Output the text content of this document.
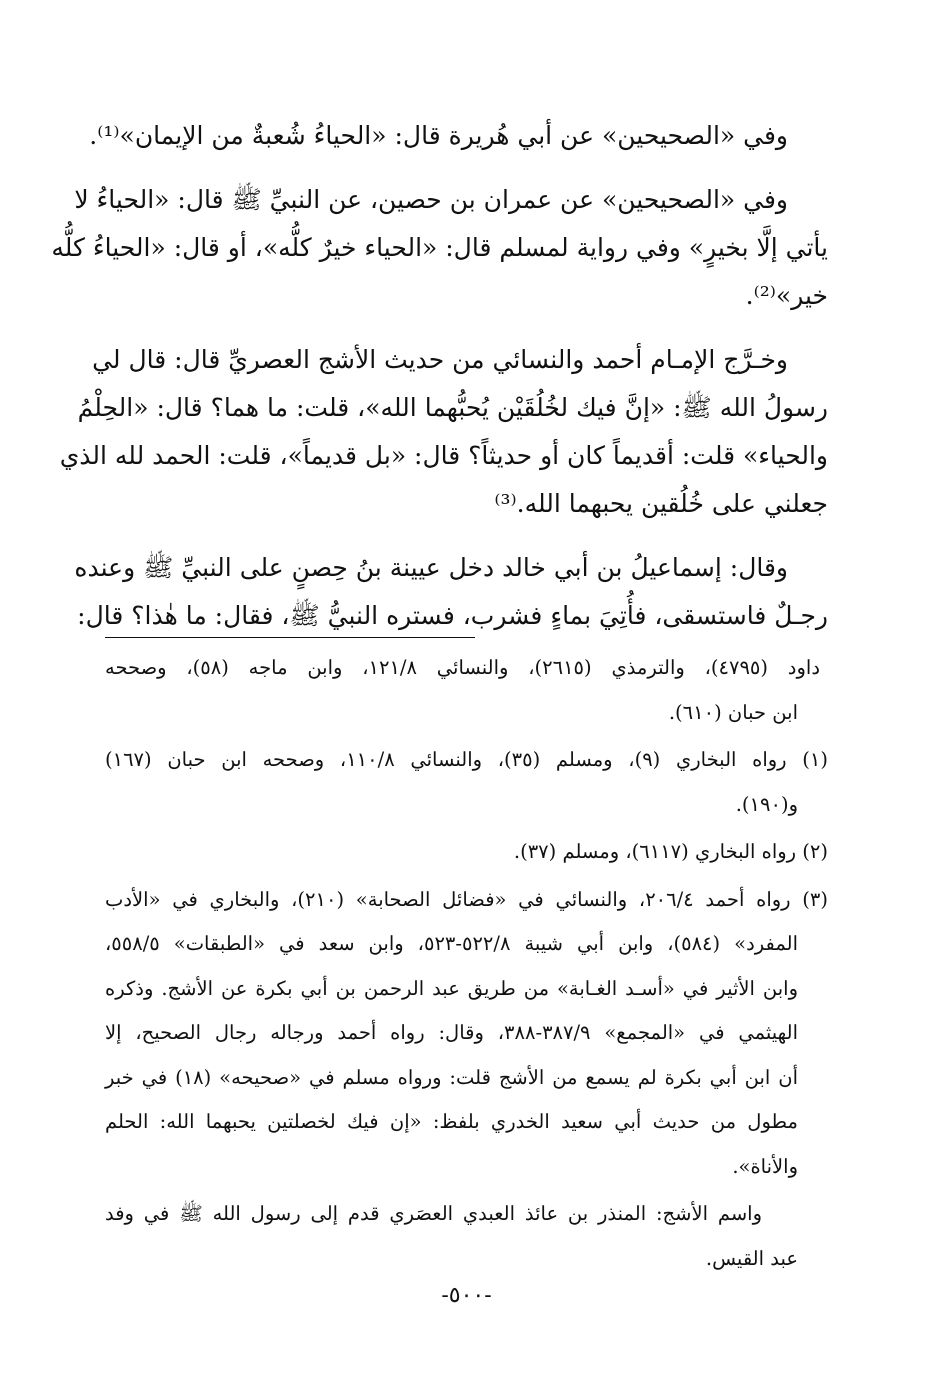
وفي «الصحيحين» عن أبي هُريرة قال: «الحياءُ شُعبةٌ من الإيمان»⁽¹⁾.
وفي «الصحيحين» عن عمران بن حصين، عن النبيِّ ﷺ قال: «الحياءُ لا
يأتي إلَّا بخيرٍ» وفي رواية لمسلم قال: «الحياء خيرٌ كلُّه»، أو قال: «الحياءُ كلُّه
خير»⁽²⁾.
وخـرَّج الإمـام أحمد والنسائي من حديث الأشج العصريِّ قال: قال لي
رسولُ الله ﷺ: «إنَّ فيك لخُلُقَيْن يُحبُّهما الله»، قلت: ما هما؟ قال: «الحِلْمُ
والحياء» قلت: أقديماً كان أو حديثاً؟ قال: «بل قديماً»، قلت: الحمد لله الذي
جعلني على خُلُقين يحبهما الله.⁽³⁾
وقال: إسماعيلُ بن أبي خالد دخل عيينة بنُ حِصنٍ على النبيِّ ﷺ وعنده
رجـلٌ فاستسقى، فأُتِيَ بماءٍ فشرب، فستره النبيُّ ﷺ، فقال: ما هٰذا؟ قال:
داود (٤٧٩٥)، والترمذي (٢٦١٥)، والنسائي ١٢١/٨، وابن ماجه (٥٨)، وصححه
ابن حبان (٦١٠).
(١) رواه البخاري (٩)، ومسلم (٣٥)، والنسائي ١١٠/٨، وصححه ابن حبان (١٦٧)
و(١٩٠).
(٢) رواه البخاري (٦١١٧)، ومسلم (٣٧).
(٣) رواه أحمد ٢٠٦/٤، والنسائي في «فضائل الصحابة» (٢١٠)، والبخاري في «الأدب
المفرد» (٥٨٤)، وابن أبي شيبة ٥٢٢/٨-٥٢٣، وابن سعد في «الطبقات» ٥٥٨/٥،
وابن الأثير في «أسـد الغـابة» من طريق عبد الرحمن بن أبي بكرة عن الأشج. وذكره
الهيثمي في «المجمع» ٣٨٧/٩-٣٨٨، وقال: رواه أحمد ورجاله رجال الصحيح، إلا
أن ابن أبي بكرة لم يسمع من الأشج قلت: ورواه مسلم في «صحيحه» (١٨) في خبر
مطول من حديث أبي سعيد الخدري بلفظ: «إن فيك لخصلتين يحبهما الله: الحلم
والأناة».
واسم الأشج: المنذر بن عائذ العبدي العصَري قدم إلى رسول الله ﷺ في وفد
عبد القيس.
-٥٠٠-
